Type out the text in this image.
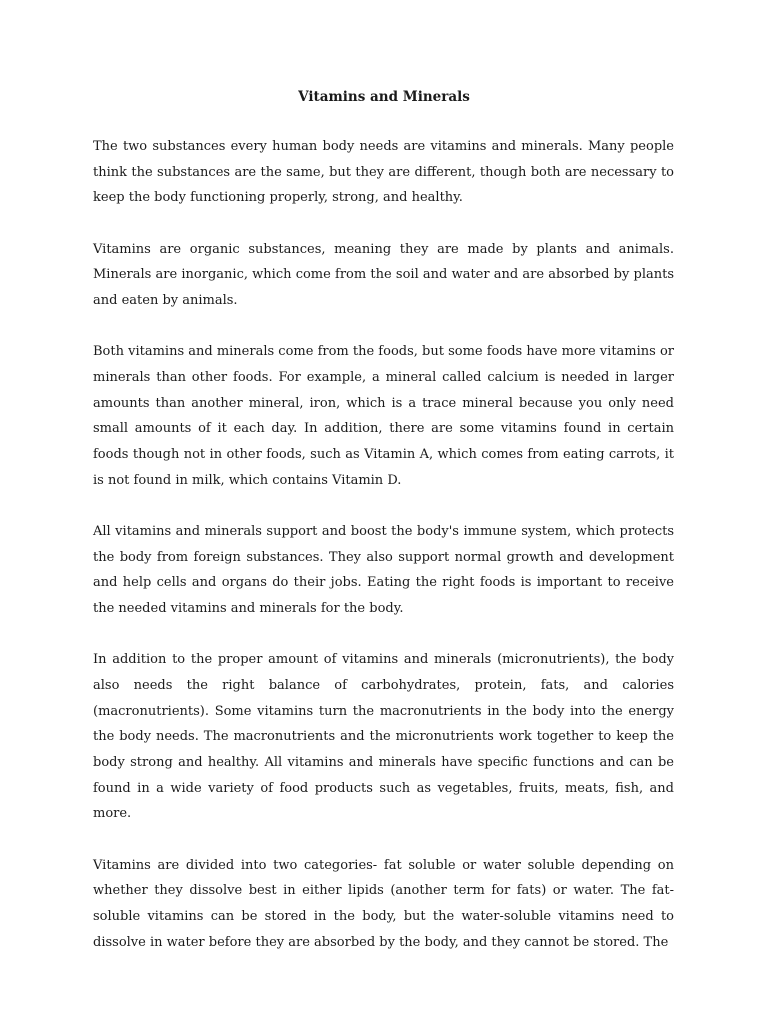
Vitamins and Minerals

The two substances every human body needs are vitamins and minerals. Many people think the substances are the same, but they are different, though both are necessary to keep the body functioning properly, strong, and healthy.

Vitamins are organic substances, meaning they are made by plants and animals. Minerals are inorganic, which come from the soil and water and are absorbed by plants and eaten by animals.

Both vitamins and minerals come from the foods, but some foods have more vitamins or minerals than other foods. For example, a mineral called calcium is needed in larger amounts than another mineral, iron, which is a trace mineral because you only need small amounts of it each day. In addition, there are some vitamins found in certain foods though not in other foods, such as Vitamin A, which comes from eating carrots, it is not found in milk, which contains Vitamin D.

All vitamins and minerals support and boost the body's immune system, which protects the body from foreign substances. They also support normal growth and development and help cells and organs do their jobs. Eating the right foods is important to receive the needed vitamins and minerals for the body.

In addition to the proper amount of vitamins and minerals (micronutrients), the body also needs the right balance of carbohydrates, protein, fats, and calories (macronutrients). Some vitamins turn the macronutrients in the body into the energy the body needs. The macronutrients and the micronutrients work together to keep the body strong and healthy. All vitamins and minerals have specific functions and can be found in a wide variety of food products such as vegetables, fruits, meats, fish, and more.

Vitamins are divided into two categories- fat soluble or water soluble depending on whether they dissolve best in either lipids (another term for fats) or water. The fat-soluble vitamins can be stored in the body, but the water-soluble vitamins need to dissolve in water before they are absorbed by the body, and they cannot be stored. The
